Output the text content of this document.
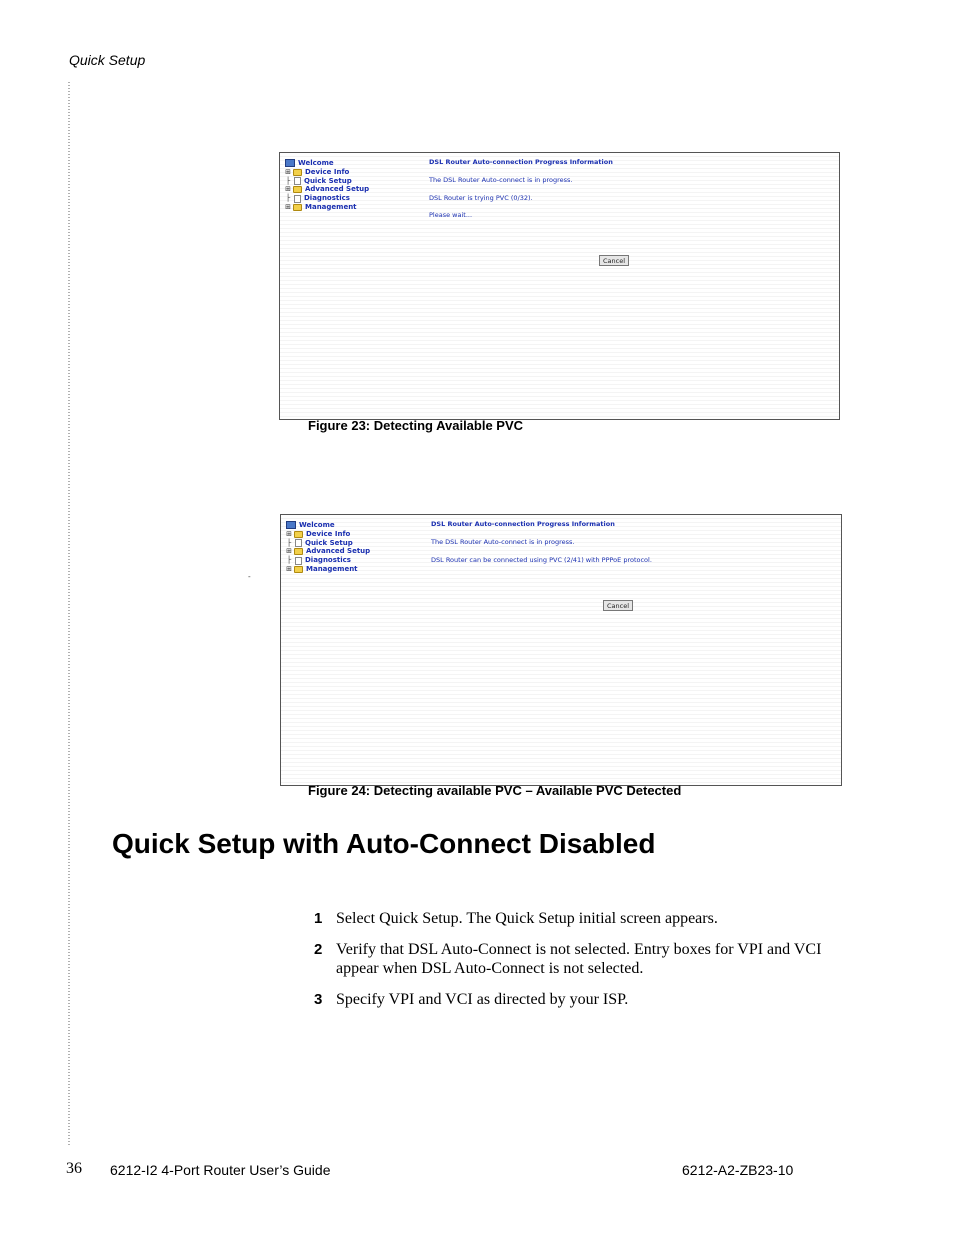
Quick Setup
Welcome
⊞ Device Info
├ Quick Setup
⊞ Advanced Setup
├ Diagnostics
⊞ Management
DSL Router Auto-connection Progress Information
The DSL Router Auto-connect is in progress.
DSL Router is trying PVC (0/32).
Please wait...
Cancel
Figure 23: Detecting Available PVC
-
Welcome
⊞ Device Info
├ Quick Setup
⊞ Advanced Setup
├ Diagnostics
⊞ Management
DSL Router Auto-connection Progress Information
The DSL Router Auto-connect is in progress.
DSL Router can be connected using PVC (2/41) with PPPoE protocol.
Cancel
Figure 24: Detecting available PVC – Available PVC Detected
Quick Setup with Auto-Connect Disabled
1 Select Quick Setup. The Quick Setup initial screen appears.
2 Verify that DSL Auto-Connect is not selected. Entry boxes for VPI and VCI appear when DSL Auto-Connect is not selected.
3 Specify VPI and VCI as directed by your ISP.
36 6212-I2 4-Port Router User’s Guide	6212-A2-ZB23-10
